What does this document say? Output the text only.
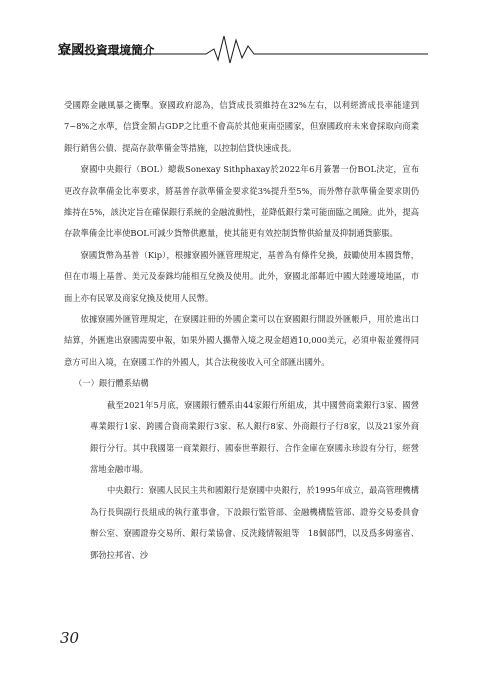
寮國投資環境簡介

受國際金融風暴之衝擊。寮國政府認為，信貸成長須維持在32%左右，以利經濟成長率能達到7~8%之水準，信貸金額占GDP之比重不會高於其他東南亞國家，但寮國政府未來會採取向商業銀行銷售公債、提高存款準備金等措施，以控制信貸快速成長。

寮國中央銀行（BOL）總裁Sonexay Sithphaxay於2022年6月簽署一份BOL決定，宣布更改存款準備金比率要求，將基普存款準備金要求從3%提升至5%，而外幣存款準備金要求則仍維持在5%，該決定旨在確保銀行系統的金融流動性，並降低銀行業可能面臨之風險。此外，提高存款準備金比率使BOL可減少貨幣供應量，使其能更有效控制貨幣供給量及抑制通貨膨脹。

寮國貨幣為基普（Kip），根據寮國外匯管理規定，基普為有條件兌換，鼓勵使用本國貨幣，但在市場上基普、美元及泰銖均能相互兌換及使用。此外，寮國北部鄰近中國大陸邊境地區，市面上亦有民眾及商家兌換及使用人民幣。

依據寮國外匯管理規定，在寮國註冊的外國企業可以在寮國銀行開設外匯帳戶，用於進出口結算，外匯進出寮國需要申報，如果外國人攜帶入境之現金超過10,000美元，必須申報並獲得同意方可出入境，在寮國工作的外國人，其合法稅後收入可全部匯出國外。

（一）銀行體系結構

截至2021年5月底，寮國銀行體系由44家銀行所組成，其中國營商業銀行3家、國營專業銀行1家、跨國合資商業銀行3家、私人銀行8家、外商銀行子行8家，以及21家外商銀行分行。其中我國第一商業銀行、國泰世華銀行、合作金庫在寮國永珍設有分行，經營當地金融市場。

中央銀行：寮國人民民主共和國銀行是寮國中央銀行，於1995年成立，最高管理機構為行長與副行長組成的執行董事會，下設銀行監管部、金融機構監管部、證券交易委員會辦公室、寮國證券交易所、銀行業協會、反洗錢情報組等　18個部門，以及爲多姆塞省、鄧勃拉邦省、沙

30
